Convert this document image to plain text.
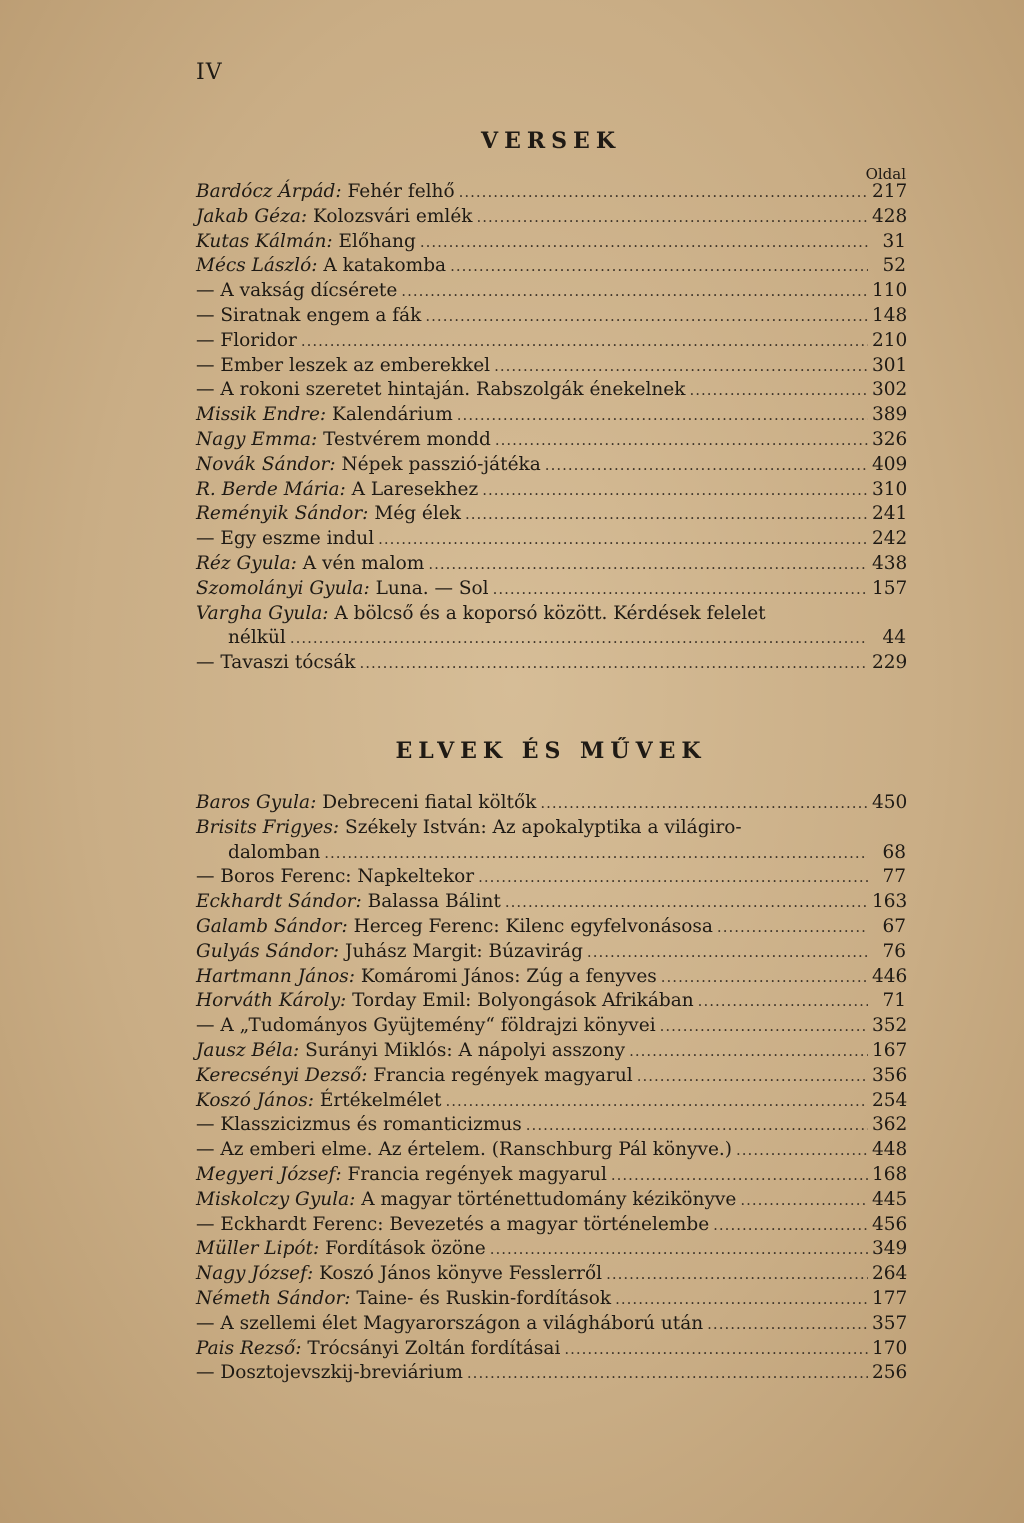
IV
VERSEK
Oldal
Bardócz Árpád: Fehér felhő .....	217
Jakab Géza: Kolozsvári emlék .....	428
Kutas Kálmán: Előhang .....	31
Mécs László: A katakomba .....	52
— A vakság dícsérete .....	110
— Siratnak engem a fák .....	148
— Floridor .....	210
— Ember leszek az emberekkel .....	301
— A rokoni szeretet hintaján. Rabszolgák énekelnek .....	302
Missik Endre: Kalendárium .....	389
Nagy Emma: Testvérem mondd .....	326
Novák Sándor: Népek passzió-játéka .....	409
R. Berde Mária: A Laresekhez .....	310
Reményik Sándor: Még élek .....	241
— Egy eszme indul .....	242
Réz Gyula: A vén malom .....	438
Szomolányi Gyula: Luna. — Sol .....	157
Vargha Gyula: A bölcső és a koporsó között. Kérdések felelet
nélkül .....	44
— Tavaszi tócsák .....	229
ELVEK ÉS MŰVEK
Baros Gyula: Debreceni fiatal költők .....	450
Brisits Frigyes: Székely István: Az apokalyptika a világiro-
dalomban .....	68
— Boros Ferenc: Napkeltekor .....	77
Eckhardt Sándor: Balassa Bálint .....	163
Galamb Sándor: Herceg Ferenc: Kilenc egyfelvonásosa .....	67
Gulyás Sándor: Juhász Margit: Búzavirág .....	76
Hartmann János: Komáromi János: Zúg a fenyves .....	446
Horváth Károly: Torday Emil: Bolyongások Afrikában .....	71
— A „Tudományos Gyüjtemény“ földrajzi könyvei .....	352
Jausz Béla: Surányi Miklós: A nápolyi asszony .....	167
Kerecsényi Dezső: Francia regények magyarul .....	356
Koszó János: Értékelmélet .....	254
— Klasszicizmus és romanticizmus .....	362
— Az emberi elme. Az értelem. (Ranschburg Pál könyve.) .....	448
Megyeri József: Francia regények magyarul .....	168
Miskolczy Gyula: A magyar történettudomány kézikönyve .....	445
— Eckhardt Ferenc: Bevezetés a magyar történelembe .....	456
Müller Lipót: Fordítások özöne .....	349
Nagy József: Koszó János könyve Fesslerről .....	264
Németh Sándor: Taine- és Ruskin-fordítások .....	177
— A szellemi élet Magyarországon a világháború után .....	357
Pais Rezső: Trócsányi Zoltán fordításai .....	170
— Dosztojevszkij-breviárium .....	256
